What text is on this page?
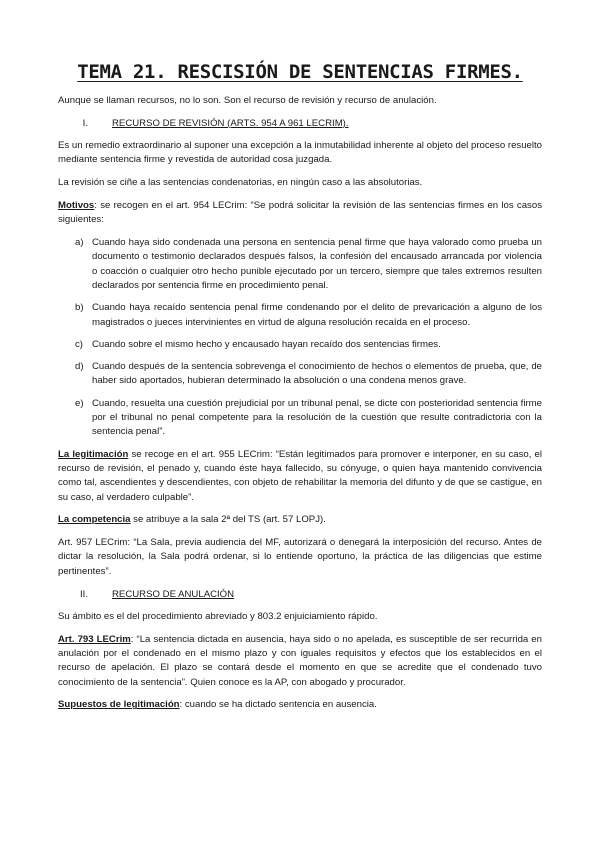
TEMA 21. RESCISIÓN DE SENTENCIAS FIRMES.

Aunque se llaman recursos, no lo son. Son el recurso de revisión y recurso de anulación.

I.	RECURSO DE REVISIÓN (ARTS. 954 A 961 LECRIM).

Es un remedio extraordinario al suponer una excepción a la inmutabilidad inherente al objeto del proceso resuelto mediante sentencia firme y revestida de autoridad cosa juzgada.

La revisión se ciñe a las sentencias condenatorias, en ningún caso a las absolutorias.

Motivos: se recogen en el art. 954 LECrim: “Se podrá solicitar la revisión de las sentencias firmes en los casos siguientes:

a) Cuando haya sido condenada una persona en sentencia penal firme que haya valorado como prueba un documento o testimonio declarados después falsos, la confesión del encausado arrancada por violencia o coacción o cualquier otro hecho punible ejecutado por un tercero, siempre que tales extremos resulten declarados por sentencia firme en procedimiento penal.
b) Cuando haya recaído sentencia penal firme condenando por el delito de prevaricación a alguno de los magistrados o jueces intervinientes en virtud de alguna resolución recaída en el proceso.
c) Cuando sobre el mismo hecho y encausado hayan recaído dos sentencias firmes.
d) Cuando después de la sentencia sobrevenga el conocimiento de hechos o elementos de prueba, que, de haber sido aportados, hubieran determinado la absolución o una condena menos grave.
e) Cuando, resuelta una cuestión prejudicial por un tribunal penal, se dicte con posterioridad sentencia firme por el tribunal no penal competente para la resolución de la cuestión que resulte contradictoria con la sentencia penal”.

La legitimación se recoge en el art. 955 LECrim: “Están legitimados para promover e interponer, en su caso, el recurso de revisión, el penado y, cuando éste haya fallecido, su cónyuge, o quien haya mantenido convivencia como tal, ascendientes y descendientes, con objeto de rehabilitar la memoria del difunto y de que se castigue, en su caso, al verdadero culpable”.

La competencia se atribuye a la sala 2ª del TS (art. 57 LOPJ).

Art. 957 LECrim: “La Sala, previa audiencia del MF, autorizará o denegará la interposición del recurso. Antes de dictar la resolución, la Sala podrá ordenar, si lo entiende oportuno, la práctica de las diligencias que estime pertinentes”.

II.	RECURSO DE ANULACIÓN

Su ámbito es el del procedimiento abreviado y 803.2 enjuiciamiento rápido.

Art. 793 LECrim: “La sentencia dictada en ausencia, haya sido o no apelada, es susceptible de ser recurrida en anulación por el condenado en el mismo plazo y con iguales requisitos y efectos que los establecidos en el recurso de apelación. El plazo se contará desde el momento en que se acredite que el condenado tuvo conocimiento de la sentencia”. Quien conoce es la AP, con abogado y procurador.

Supuestos de legitimación: cuando se ha dictado sentencia en ausencia.
